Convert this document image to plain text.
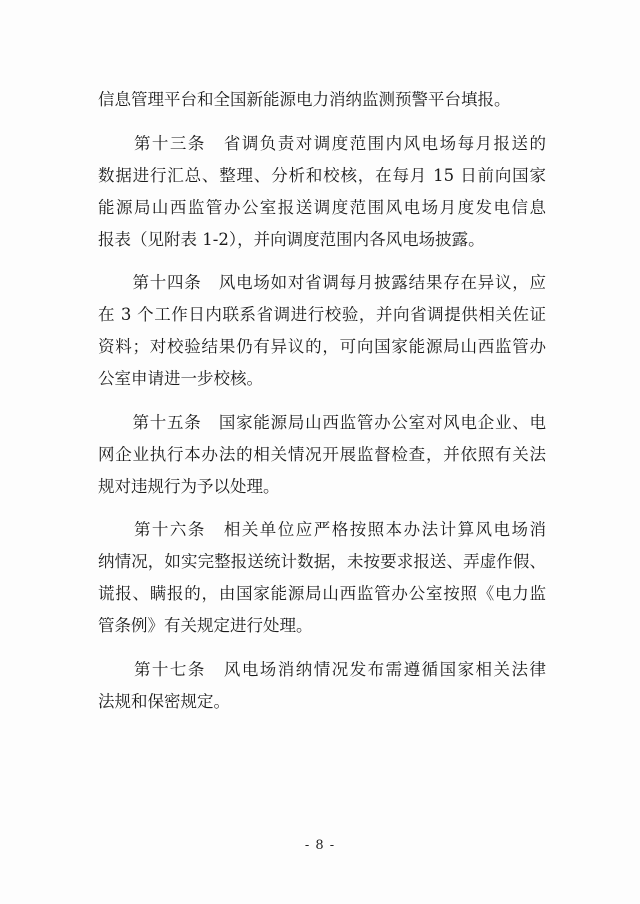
信息管理平台和全国新能源电力消纳监测预警平台填报。
　　第十三条　省调负责对调度范围内风电场每月报送的
数据进行汇总、整理、分析和校核，在每月 15 日前向国家
能源局山西监管办公室报送调度范围风电场月度发电信息
报表（见附表 1-2），并向调度范围内各风电场披露。
　　第十四条　风电场如对省调每月披露结果存在异议，应
在 3 个工作日内联系省调进行校验，并向省调提供相关佐证
资料；对校验结果仍有异议的，可向国家能源局山西监管办
公室申请进一步校核。
　　第十五条　国家能源局山西监管办公室对风电企业、电
网企业执行本办法的相关情况开展监督检查，并依照有关法
规对违规行为予以处理。
　　第十六条　相关单位应严格按照本办法计算风电场消
纳情况，如实完整报送统计数据，未按要求报送、弄虚作假、
谎报、瞒报的，由国家能源局山西监管办公室按照《电力监
管条例》有关规定进行处理。
　　第十七条　风电场消纳情况发布需遵循国家相关法律
法规和保密规定。
- 8 -
